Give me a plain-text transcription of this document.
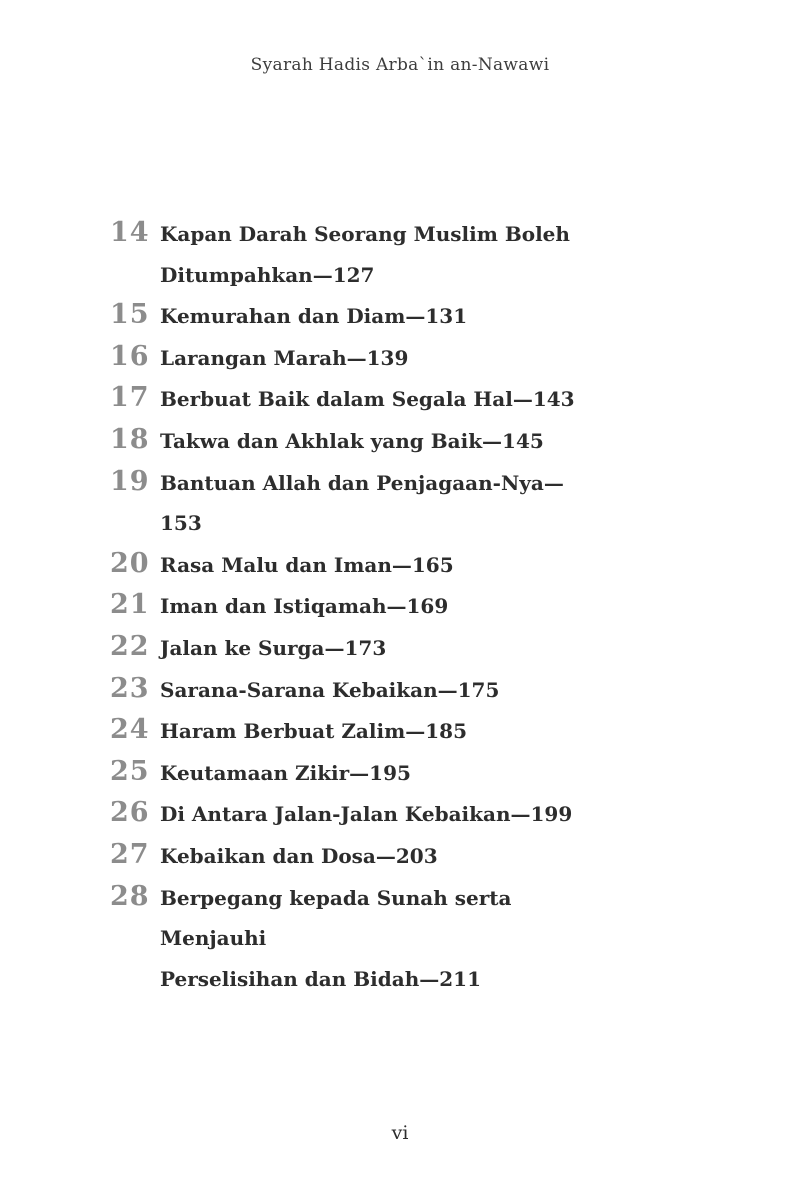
Syarah Hadis Arba`in an-Nawawi
14 Kapan Darah Seorang Muslim Boleh
Ditumpahkan—127
15 Kemurahan dan Diam—131
16 Larangan Marah—139
17 Berbuat Baik dalam Segala Hal—143
18 Takwa dan Akhlak yang Baik—145
19 Bantuan Allah dan Penjagaan-Nya—153
20 Rasa Malu dan Iman—165
21 Iman dan Istiqamah—169
22 Jalan ke Surga—173
23 Sarana-Sarana Kebaikan—175
24 Haram Berbuat Zalim—185
25 Keutamaan Zikir—195
26 Di Antara Jalan-Jalan Kebaikan—199
27 Kebaikan dan Dosa—203
28 Berpegang kepada Sunah serta Menjauhi
Perselisihan dan Bidah—211
vi
